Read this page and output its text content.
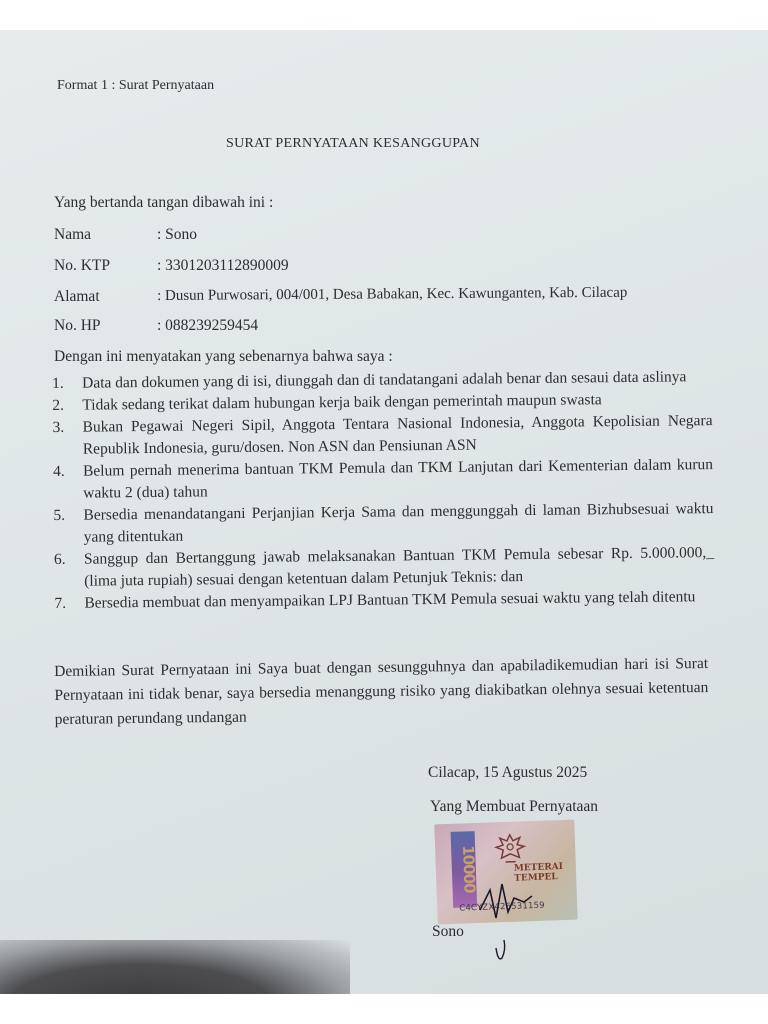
Format 1 : Surat Pernyataan
SURAT PERNYATAAN KESANGGUPAN
Yang bertanda tangan dibawah ini :
Nama	: Sono
No. KTP	: 3301203112890009
Alamat	: Dusun Purwosari, 004/001, Desa Babakan, Kec. Kawunganten, Kab. Cilacap
No. HP	: 088239259454
Dengan ini menyatakan yang sebenarnya bahwa saya :
1. Data dan dokumen yang di isi, diunggah dan di tandatangani adalah benar dan sesaui data aslinya
2. Tidak sedang terikat dalam hubungan kerja baik dengan pemerintah maupun swasta
3. Bukan Pegawai Negeri Sipil, Anggota Tentara Nasional Indonesia, Anggota Kepolisian Negara Republik Indonesia, guru/dosen. Non ASN dan Pensiunan ASN
4. Belum pernah menerima bantuan TKM Pemula dan TKM Lanjutan dari Kementerian dalam kurun waktu 2 (dua) tahun
5. Bersedia menandatangani Perjanjian Kerja Sama dan menggunggah di laman Bizhubsesuai waktu yang ditentukan
6. Sanggup dan Bertanggung jawab melaksanakan Bantuan TKM Pemula sebesar Rp. 5.000.000,_ (lima juta rupiah) sesuai dengan ketentuan dalam Petunjuk Teknis: dan
7. Bersedia membuat dan menyampaikan LPJ Bantuan TKM Pemula sesuai waktu yang telah ditentu
Demikian Surat Pernyataan ini Saya buat dengan sesungguhnya dan apabiladikemudian hari isi Surat Pernyataan ini tidak benar, saya bersedia menanggung risiko yang diakibatkan olehnya sesuai ketentuan peraturan perundang undangan
Cilacap, 15 Agustus 2025
Yang Membuat Pernyataan
10000	METERAI
TEMPEL
C4CYZX426531159
Sono
